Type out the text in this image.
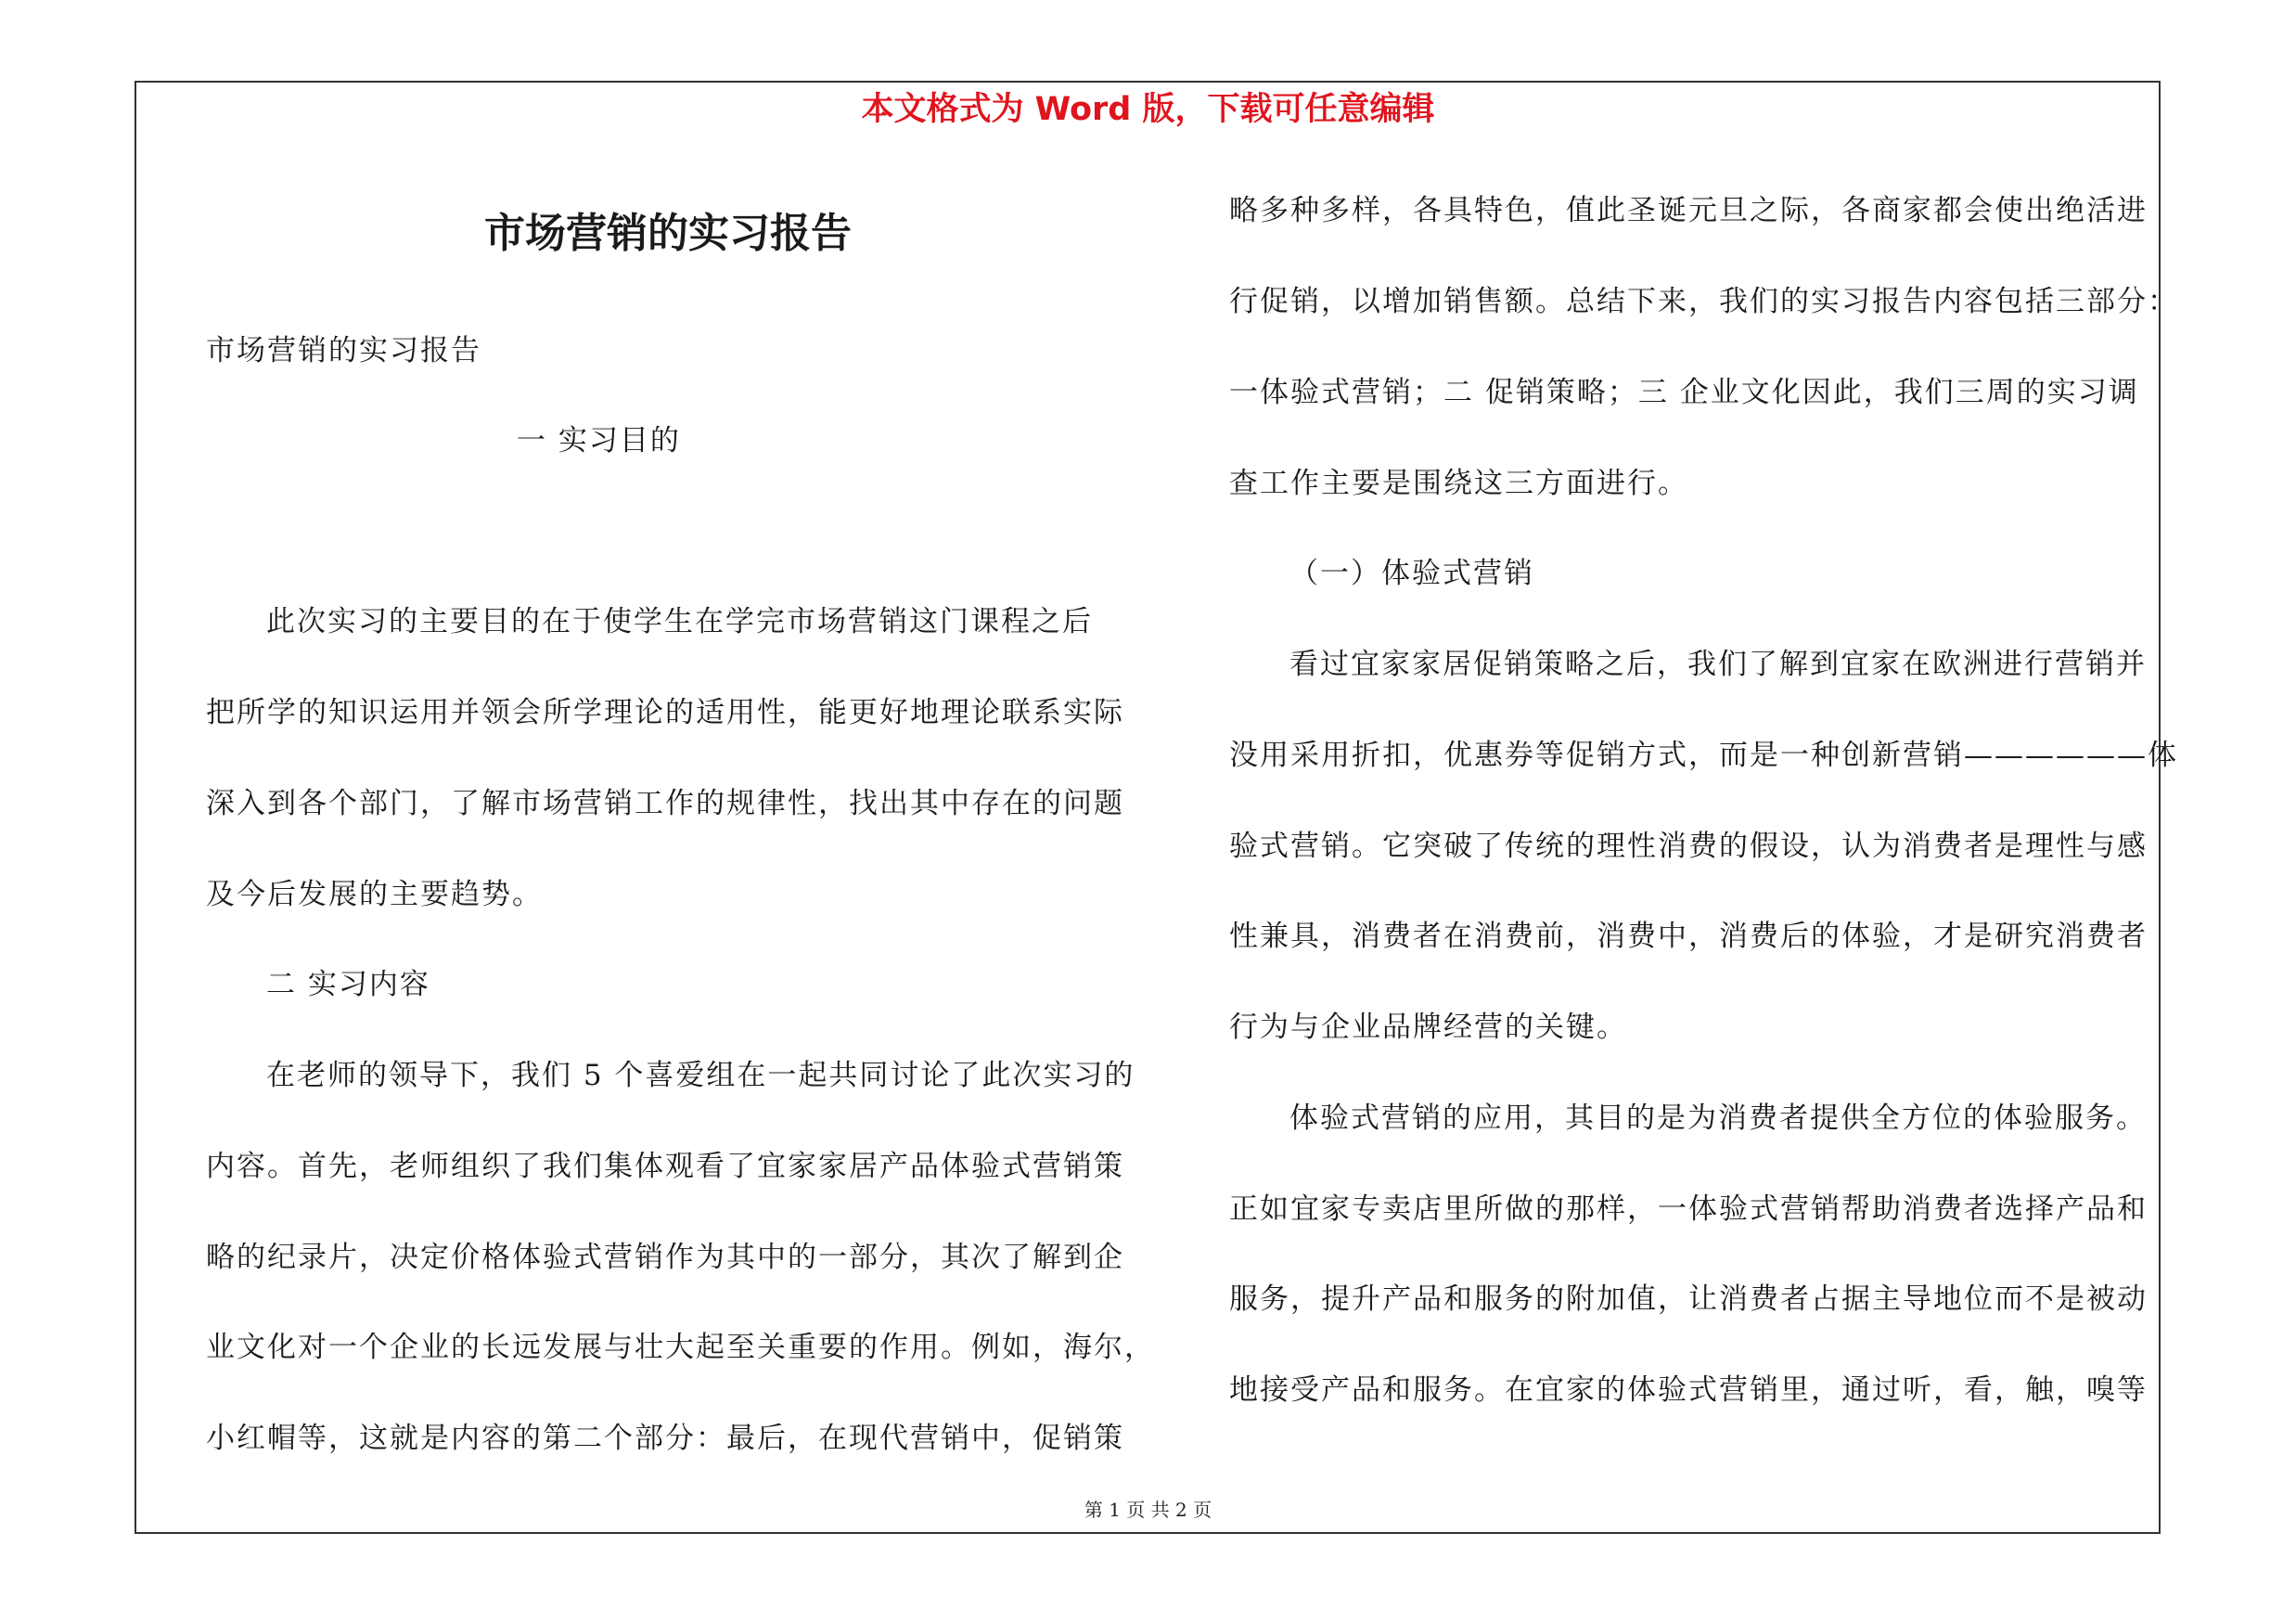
本文格式为 Word 版，下载可任意编辑
市场营销的实习报告
市场营销的实习报告
一 实习目的
此次实习的主要目的在于使学生在学完市场营销这门课程之后
把所学的知识运用并领会所学理论的适用性，能更好地理论联系实际
深入到各个部门，了解市场营销工作的规律性，找出其中存在的问题
及今后发展的主要趋势。
二 实习内容
在老师的领导下，我们 5 个喜爱组在一起共同讨论了此次实习的
内容。首先，老师组织了我们集体观看了宜家家居产品体验式营销策
略的纪录片，决定价格体验式营销作为其中的一部分，其次了解到企
业文化对一个企业的长远发展与壮大起至关重要的作用。例如，海尔，
小红帽等，这就是内容的第二个部分：最后，在现代营销中，促销策
略多种多样，各具特色，值此圣诞元旦之际，各商家都会使出绝活进
行促销，以增加销售额。总结下来，我们的实习报告内容包括三部分：
一体验式营销；二 促销策略；三 企业文化因此，我们三周的实习调
查工作主要是围绕这三方面进行。
（一）体验式营销
看过宜家家居促销策略之后，我们了解到宜家在欧洲进行营销并
没用采用折扣，优惠券等促销方式，而是一种创新营销——————体
验式营销。它突破了传统的理性消费的假设，认为消费者是理性与感
性兼具，消费者在消费前，消费中，消费后的体验，才是研究消费者
行为与企业品牌经营的关键。
体验式营销的应用，其目的是为消费者提供全方位的体验服务。
正如宜家专卖店里所做的那样，一体验式营销帮助消费者选择产品和
服务，提升产品和服务的附加值，让消费者占据主导地位而不是被动
地接受产品和服务。在宜家的体验式营销里，通过听，看，触，嗅等
第 1 页 共 2 页
